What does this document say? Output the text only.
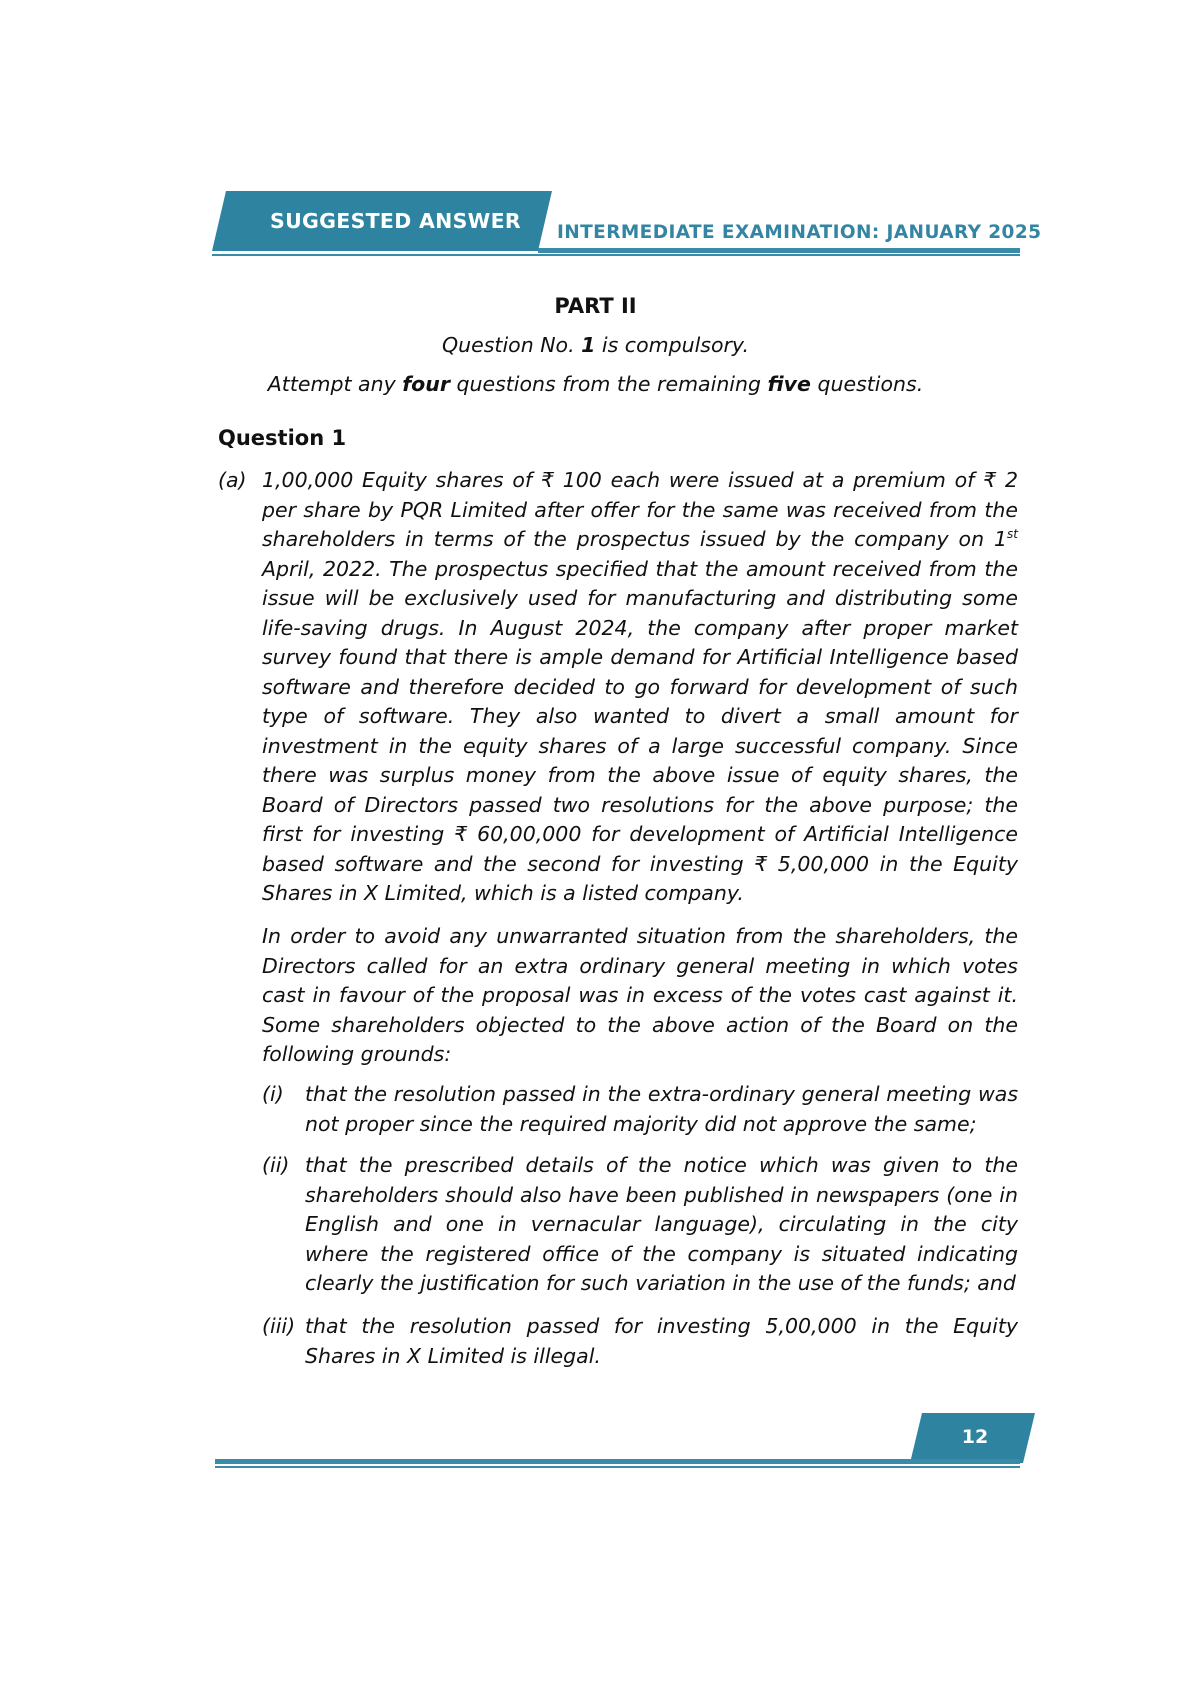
SUGGESTED ANSWER INTERMEDIATE EXAMINATION: JANUARY 2025
PART II
Question No. 1 is compulsory.
Attempt any four questions from the remaining five questions.
Question 1
(a) 1,00,000 Equity shares of ₹ 100 each were issued at a premium of ₹ 2 per share by PQR Limited after offer for the same was received from the shareholders in terms of the prospectus issued by the company on 1st April, 2022. The prospectus specified that the amount received from the issue will be exclusively used for manufacturing and distributing some life-saving drugs. In August 2024, the company after proper market survey found that there is ample demand for Artificial Intelligence based software and therefore decided to go forward for development of such type of software. They also wanted to divert a small amount for investment in the equity shares of a large successful company. Since there was surplus money from the above issue of equity shares, the Board of Directors passed two resolutions for the above purpose; the first for investing ₹ 60,00,000 for development of Artificial Intelligence based software and the second for investing ₹ 5,00,000 in the Equity Shares in X Limited, which is a listed company.
In order to avoid any unwarranted situation from the shareholders, the Directors called for an extra ordinary general meeting in which votes cast in favour of the proposal was in excess of the votes cast against it. Some shareholders objected to the above action of the Board on the following grounds:
(i) that the resolution passed in the extra-ordinary general meeting was not proper since the required majority did not approve the same;
(ii) that the prescribed details of the notice which was given to the shareholders should also have been published in newspapers (one in English and one in vernacular language), circulating in the city where the registered office of the company is situated indicating clearly the justification for such variation in the use of the funds; and
(iii) that the resolution passed for investing 5,00,000 in the Equity Shares in X Limited is illegal.
12
